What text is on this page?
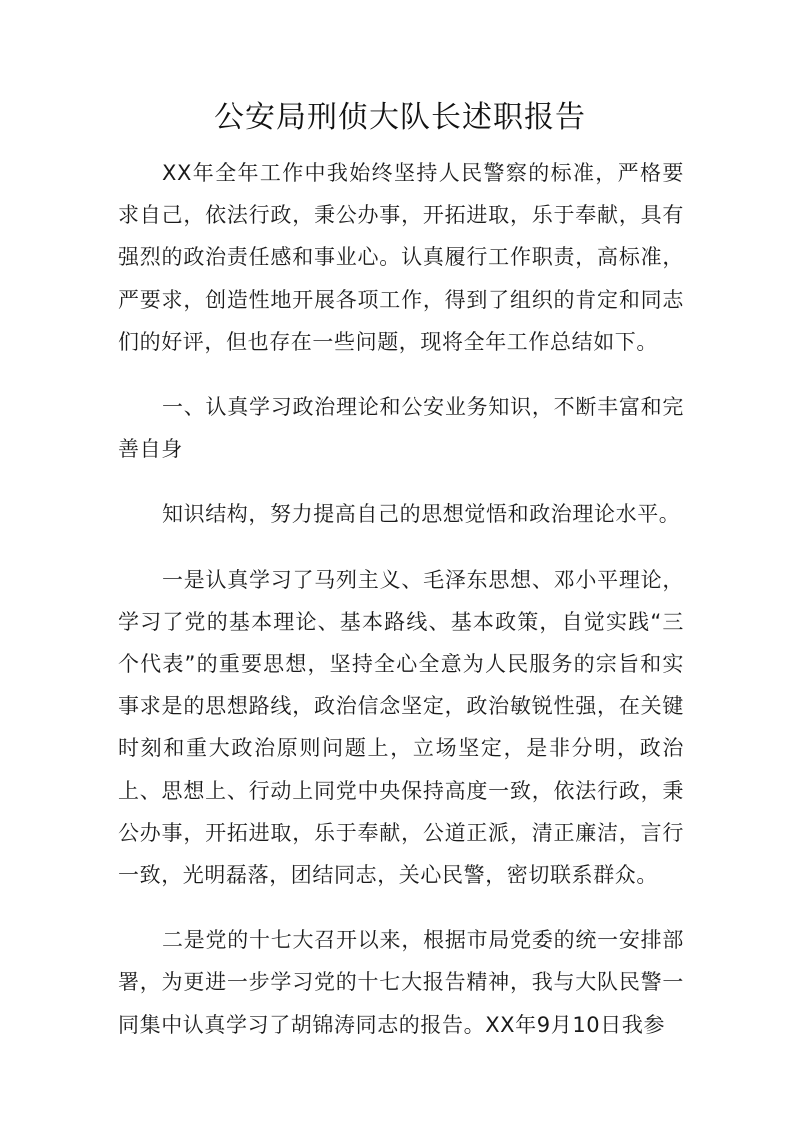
公安局刑侦大队长述职报告

XX年全年工作中我始终坚持人民警察的标准，严格要求自己，依法行政，秉公办事，开拓进取，乐于奉献，具有强烈的政治责任感和事业心。认真履行工作职责，高标准，严要求，创造性地开展各项工作，得到了组织的肯定和同志们的好评，但也存在一些问题，现将全年工作总结如下。

一、认真学习政治理论和公安业务知识，不断丰富和完善自身

知识结构，努力提高自己的思想觉悟和政治理论水平。

一是认真学习了马列主义、毛泽东思想、邓小平理论，学习了党的基本理论、基本路线、基本政策，自觉实践“三个代表”的重要思想，坚持全心全意为人民服务的宗旨和实事求是的思想路线，政治信念坚定，政治敏锐性强，在关键时刻和重大政治原则问题上，立场坚定，是非分明，政治上、思想上、行动上同党中央保持高度一致，依法行政，秉公办事，开拓进取，乐于奉献，公道正派，清正廉洁，言行一致，光明磊落，团结同志，关心民警，密切联系群众。

二是党的十七大召开以来，根据市局党委的统一安排部署，为更进一步学习党的十七大报告精神，我与大队民警一同集中认真学习了胡锦涛同志的报告。XX年9月10日我参
